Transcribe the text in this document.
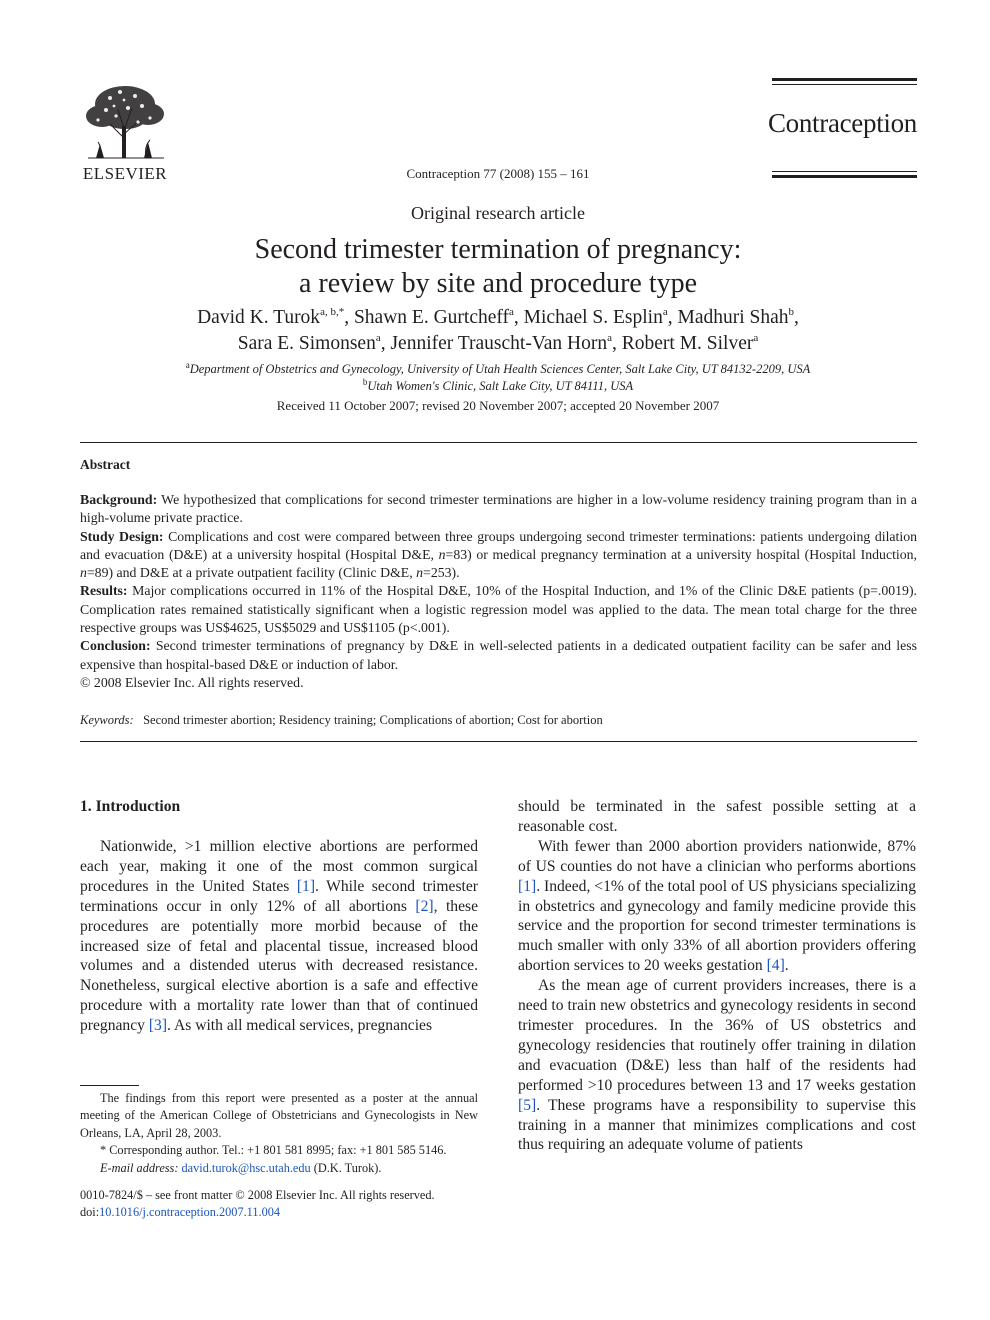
ELSEVIER	Contraception 77 (2008) 155 – 161
Contraception
Original research article
Second trimester termination of pregnancy:
a review by site and procedure type
David K. Turok$^{a, b,*}$, Shawn E. Gurtcheff$^a$, Michael S. Esplin$^a$, Madhuri Shah$^b$,
Sara E. Simonsen$^a$, Jennifer Trauscht-Van Horn$^a$, Robert M. Silver$^a$
$^a$Department of Obstetrics and Gynecology, University of Utah Health Sciences Center, Salt Lake City, UT 84132-2209, USA
$^b$Utah Women's Clinic, Salt Lake City, UT 84111, USA
Received 11 October 2007; revised 20 November 2007; accepted 20 November 2007
Abstract

Background: We hypothesized that complications for second trimester terminations are higher in a low-volume residency training program than in a high-volume private practice.

Study Design: Complications and cost were compared between three groups undergoing second trimester terminations: patients undergoing dilation and evacuation (D&E) at a university hospital (Hospital D&E, n=83) or medical pregnancy termination at a university hospital (Hospital Induction, n=89) and D&E at a private outpatient facility (Clinic D&E, n=253).

Results: Major complications occurred in 11% of the Hospital D&E, 10% of the Hospital Induction, and 1% of the Clinic D&E patients (p=.0019). Complication rates remained statistically significant when a logistic regression model was applied to the data. The mean total charge for the three respective groups was US$4625, US$5029 and US$1105 (p<.001).

Conclusion: Second trimester terminations of pregnancy by D&E in well-selected patients in a dedicated outpatient facility can be safer and less expensive than hospital-based D&E or induction of labor.

© 2008 Elsevier Inc. All rights reserved.

Keywords: Second trimester abortion; Residency training; Complications of abortion; Cost for abortion
1. Introduction

Nationwide, >1 million elective abortions are performed each year, making it one of the most common surgical procedures in the United States [1]. While second trimester terminations occur in only 12% of all abortions [2], these procedures are potentially more morbid because of the increased size of fetal and placental tissue, increased blood volumes and a distended uterus with decreased resistance. Nonetheless, surgical elective abortion is a safe and effective procedure with a mortality rate lower than that of continued pregnancy [3]. As with all medical services, pregnancies

should be terminated in the safest possible setting at a reasonable cost.

With fewer than 2000 abortion providers nationwide, 87% of US counties do not have a clinician who performs abortions [1]. Indeed, <1% of the total pool of US physicians specializing in obstetrics and gynecology and family medicine provide this service and the proportion for second trimester terminations is much smaller with only 33% of all abortion providers offering abortion services to 20 weeks gestation [4].

As the mean age of current providers increases, there is a need to train new obstetrics and gynecology residents in second trimester procedures. In the 36% of US obstetrics and gynecology residencies that routinely offer training in dilation and evacuation (D&E) less than half of the residents had performed >10 procedures between 13 and 17 weeks gestation [5]. These programs have a responsibility to supervise this training in a manner that minimizes complications and cost thus requiring an adequate volume of patients

The findings from this report were presented as a poster at the annual meeting of the American College of Obstetricians and Gynecologists in New Orleans, LA, April 28, 2003.

* Corresponding author. Tel.: +1 801 581 8995; fax: +1 801 585 5146.

E-mail address: david.turok@hsc.utah.edu (D.K. Turok).

0010-7824/$ – see front matter © 2008 Elsevier Inc. All rights reserved.
doi:10.1016/j.contraception.2007.11.004
